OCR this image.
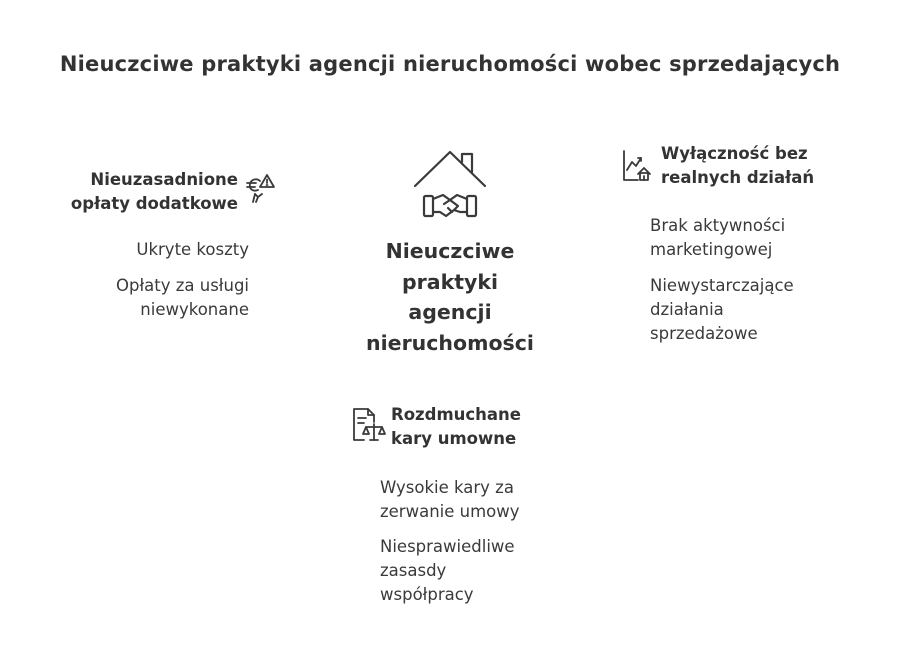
Nieuczciwe praktyki agencji nieruchomości wobec sprzedających
Nieuczciwe
praktyki
agencji
nieruchomości
Nieuzasadnione
opłaty dodatkowe
Ukryte koszty
Opłaty za usługi
niewykonane
Wyłączność bez
realnych działań
Brak aktywności
marketingowej
Niewystarczające
działania
sprzedażowe
Rozdmuchane
kary umowne
Wysokie kary za
zerwanie umowy
Niesprawiedliwe
zasasdy
współpracy
